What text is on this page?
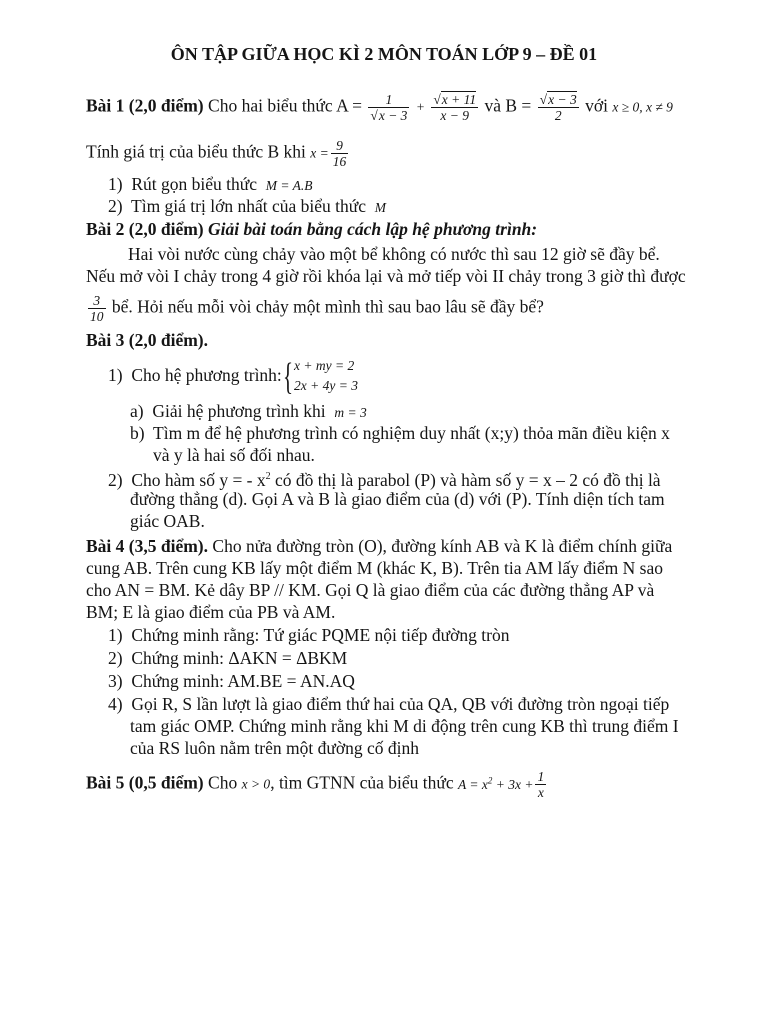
ÔN TẬP GIỮA HỌC KÌ 2 MÔN TOÁN LỚP 9 – ĐỀ 01
Bài 1 (2,0 điểm) Cho hai biểu thức $A = \frac{1}{√x - 3} + \frac{√x + 11}{x - 9}$ và $B = \frac{√x - 3}{2}$ với x ≥ 0, x ≠ 9
Tính giá trị của biểu thức B khi $x = \frac{9}{16}$
1) Rút gọn biểu thức M = A.B
2) Tìm giá trị lớn nhất của biểu thức M
Bài 2 (2,0 điểm) Giải bài toán bằng cách lập hệ phương trình:
Hai vòi nước cùng chảy vào một bể không có nước thì sau 12 giờ sẽ đầy bể.
Nếu mở vòi I chảy trong 4 giờ rồi khóa lại và mở tiếp vòi II chảy trong 3 giờ thì được
$\frac{3}{10}$ bể. Hỏi nếu mỗi vòi chảy một mình thì sau bao lâu sẽ đầy bể?
Bài 3 (2,0 điểm).
1) Cho hệ phương trình: { x + my = 2
2x + 4y = 3
a) Giải hệ phương trình khi m = 3
b) Tìm m để hệ phương trình có nghiệm duy nhất (x;y) thỏa mãn điều kiện x
và y là hai số đối nhau.
2) Cho hàm số y = - $x^2$ có đồ thị là parabol (P) và hàm số y = x – 2 có đồ thị là
đường thẳng (d). Gọi A và B là giao điểm của (d) với (P). Tính diện tích tam
giác OAB.
Bài 4 (3,5 điểm). Cho nửa đường tròn (O), đường kính AB và K là điểm chính giữa
cung AB. Trên cung KB lấy một điểm M (khác K, B). Trên tia AM lấy điểm N sao
cho AN = BM. Kẻ dây BP // KM. Gọi Q là giao điểm của các đường thẳng AP và
BM; E là giao điểm của PB và AM.
1) Chứng minh rằng: Tứ giác PQME nội tiếp đường tròn
2) Chứng minh: ΔAKN = ΔBKM
3) Chứng minh: AM.BE = AN.AQ
4) Gọi R, S lần lượt là giao điểm thứ hai của QA, QB với đường tròn ngoại tiếp
tam giác OMP. Chứng minh rằng khi M di động trên cung KB thì trung điểm I
của RS luôn nằm trên một đường cố định
Bài 5 (0,5 điểm) Cho x > 0, tìm GTNN của biểu thức $A = x^2 + 3x + \frac{1}{x}$
